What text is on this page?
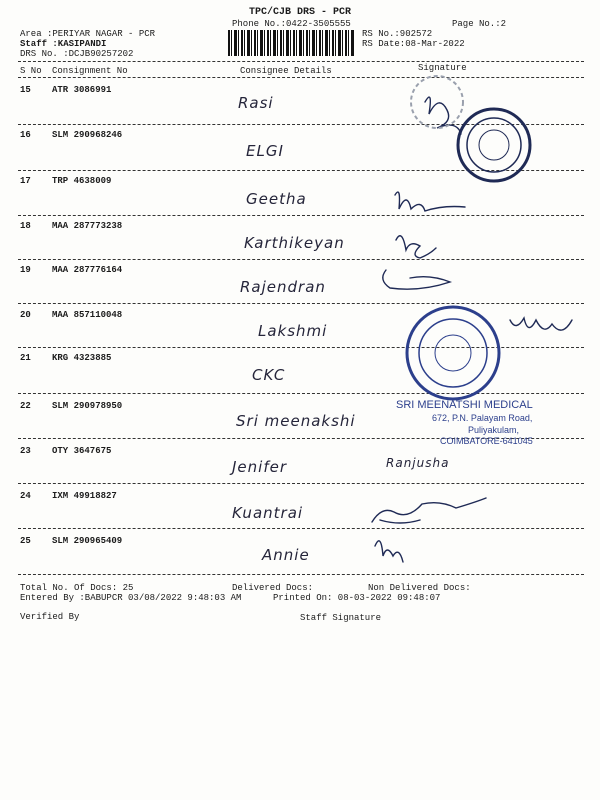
TPC/CJB DRS - PCR
Phone No.:0422-3505555	Page No.:2
Area :PERIYAR NAGAR - PCR
Staff :KASIPANDI
DRS No. :DCJB90257202
RS No.:902572
RS Date:08-Mar-2022
S No Consignment No	Consignee Details	Signature
15 ATR 3086991
Rasi
16 SLM 290968246
ELGI
17 TRP 4638009
Geetha
18 MAA 287773238
Karthikeyan
19 MAA 287776164
Rajendran
20 MAA 857110048
Lakshmi
21 KRG 4323885
CKC
22 SLM 290978950
Sri meenakshi
23 OTY 3647675
Jenifer	Ranjusha
24 IXM 49918827
Kuantrai
25 SLM 290965409
Annie
SRI MEENATSHI MEDICAL
672, P.N. Palayam Road,
Puliyakulam,
COIMBATORE-641045
Total No. Of Docs: 25	Delivered Docs:	Non Delivered Docs:
Entered By :BABUPCR 03/08/2022 9:48:03 AM	Printed On: 08-03-2022 09:48:07
Verified By	Staff Signature
